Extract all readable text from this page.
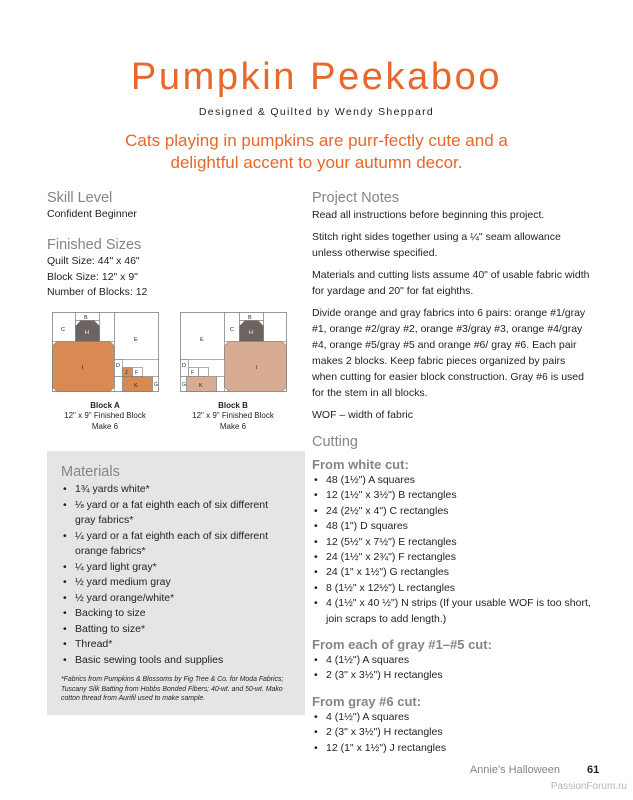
Pumpkin Peekaboo
Designed & Quilted by Wendy Sheppard
Cats playing in pumpkins are purr-fectly cute and a delightful accent to your autumn decor.
Skill Level
Confident Beginner
Finished Sizes
Quilt Size: 44" x 46"
Block Size: 12" x 9"
Number of Blocks: 12
B
C	H
E
I	D
J F
K	G
Block A
12" x 9" Finished Block
Make 6
B
C	H
E
I
D
F
K
G
Block B
12" x 9" Finished Block
Make 6
Materials
• 1¾ yards white*
• ⅛ yard or a fat eighth each of six different gray fabrics*
• ¼ yard or a fat eighth each of six different orange fabrics*
• ¼ yard light gray*
• ½ yard medium gray
• ½ yard orange/white*
• Backing to size
• Batting to size*
• Thread*
• Basic sewing tools and supplies
*Fabrics from Pumpkins & Blossoms by Fig Tree & Co. for Moda Fabrics; Tuscany Silk Batting from Hobbs Bonded Fibers; 40-wt. and 50-wt. Mako cotton thread from Aurifil used to make sample.
Project Notes
Read all instructions before beginning this project.
Stitch right sides together using a ¼" seam allowance unless otherwise specified.
Materials and cutting lists assume 40" of usable fabric width for yardage and 20" for fat eighths.
Divide orange and gray fabrics into 6 pairs: orange #1/gray #1, orange #2/gray #2, orange #3/gray #3, orange #4/gray #4, orange #5/gray #5 and orange #6/ gray #6. Each pair makes 2 blocks. Keep fabric pieces organized by pairs when cutting for easier block construction. Gray #6 is used for the stem in all blocks.
WOF – width of fabric
Cutting
From white cut:
• 48 (1½") A squares
• 12 (1½" x 3½") B rectangles
• 24 (2½" x 4") C rectangles
• 48 (1") D squares
• 12 (5½" x 7½") E rectangles
• 24 (1½" x 2¾") F rectangles
• 24 (1" x 1½") G rectangles
• 8 (1½" x 12½") L rectangles
• 4 (1½" x 40 ½") N strips (If your usable WOF is too short, join scraps to add length.)
From each of gray #1–#5 cut:
• 4 (1½") A squares
• 2 (3" x 3½") H rectangles
From gray #6 cut:
• 4 (1½") A squares
• 2 (3" x 3½") H rectangles
• 12 (1" x 1½") J rectangles
Annie's Halloween 61
PassionForum.ru
